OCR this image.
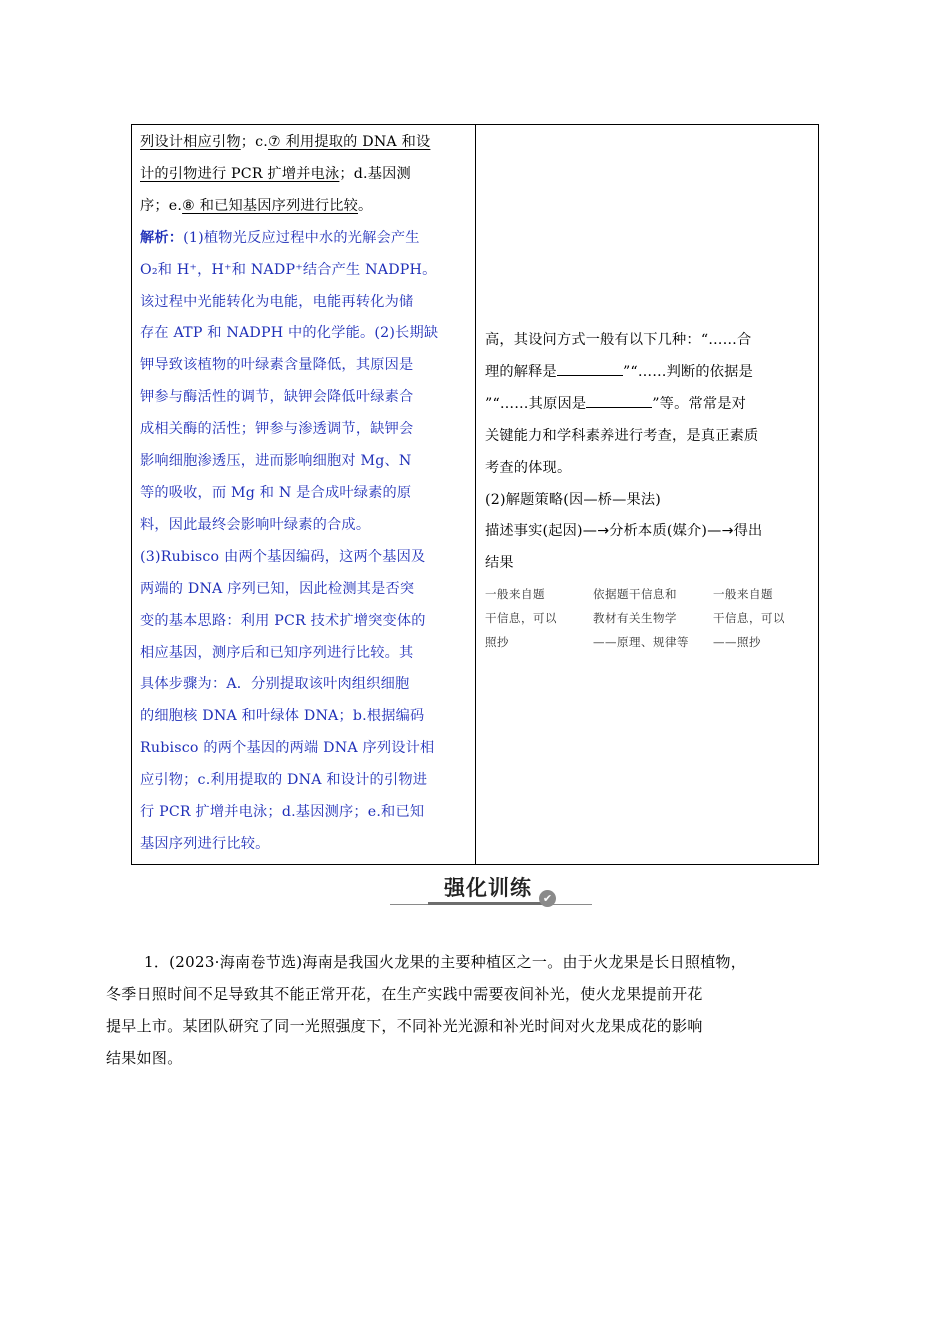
列设计相应引物；c.⑦ 利用提取的 DNA 和设
计的引物进行 PCR 扩增并电泳；d.基因测
序；e.⑧ 和已知基因序列进行比较。
解析：(1)植物光反应过程中水的光解会产生
O₂和 H⁺，H⁺和 NADP⁺结合产生 NADPH。
该过程中光能转化为电能，电能再转化为储
存在 ATP 和 NADPH 中的化学能。(2)长期缺
钾导致该植物的叶绿素含量降低，其原因是
钾参与酶活性的调节，缺钾会降低叶绿素合
成相关酶的活性；钾参与渗透调节，缺钾会
影响细胞渗透压，进而影响细胞对 Mg、N
等的吸收，而 Mg 和 N 是合成叶绿素的原
料，因此最终会影响叶绿素的合成。
(3)Rubisco 由两个基因编码，这两个基因及
两端的 DNA 序列已知，因此检测其是否突
变的基本思路：利用 PCR 技术扩增突变体的
相应基因，测序后和已知序列进行比较。其
具体步骤为：A．分别提取该叶肉组织细胞
的细胞核 DNA 和叶绿体 DNA；b.根据编码
Rubisco 的两个基因的两端 DNA 序列设计相
应引物；c.利用提取的 DNA 和设计的引物进
行 PCR 扩增并电泳；d.基因测序；e.和已知
基因序列进行比较。
高，其设问方式一般有以下几种：“……合
理的解释是	”“……判断的依据是
”“……其原因是	”等。常常是对
关键能力和学科素养进行考查，是真正素质
考查的体现。
(2)解题策略(因—桥—果法)
描述事实(起因)—→分析本质(媒介)—→得出
结果
一般来自题
干信息，可以
照抄
依据题干信息和
教材有关生物学
——原理、规律等
一般来自题
干信息，可以
——照抄
强化训练 ✔
1．(2023·海南卷节选)海南是我国火龙果的主要种植区之一。由于火龙果是长日照植物，
冬季日照时间不足导致其不能正常开花，在生产实践中需要夜间补光，使火龙果提前开花
提早上市。某团队研究了同一光照强度下，不同补光光源和补光时间对火龙果成花的影响
结果如图。
